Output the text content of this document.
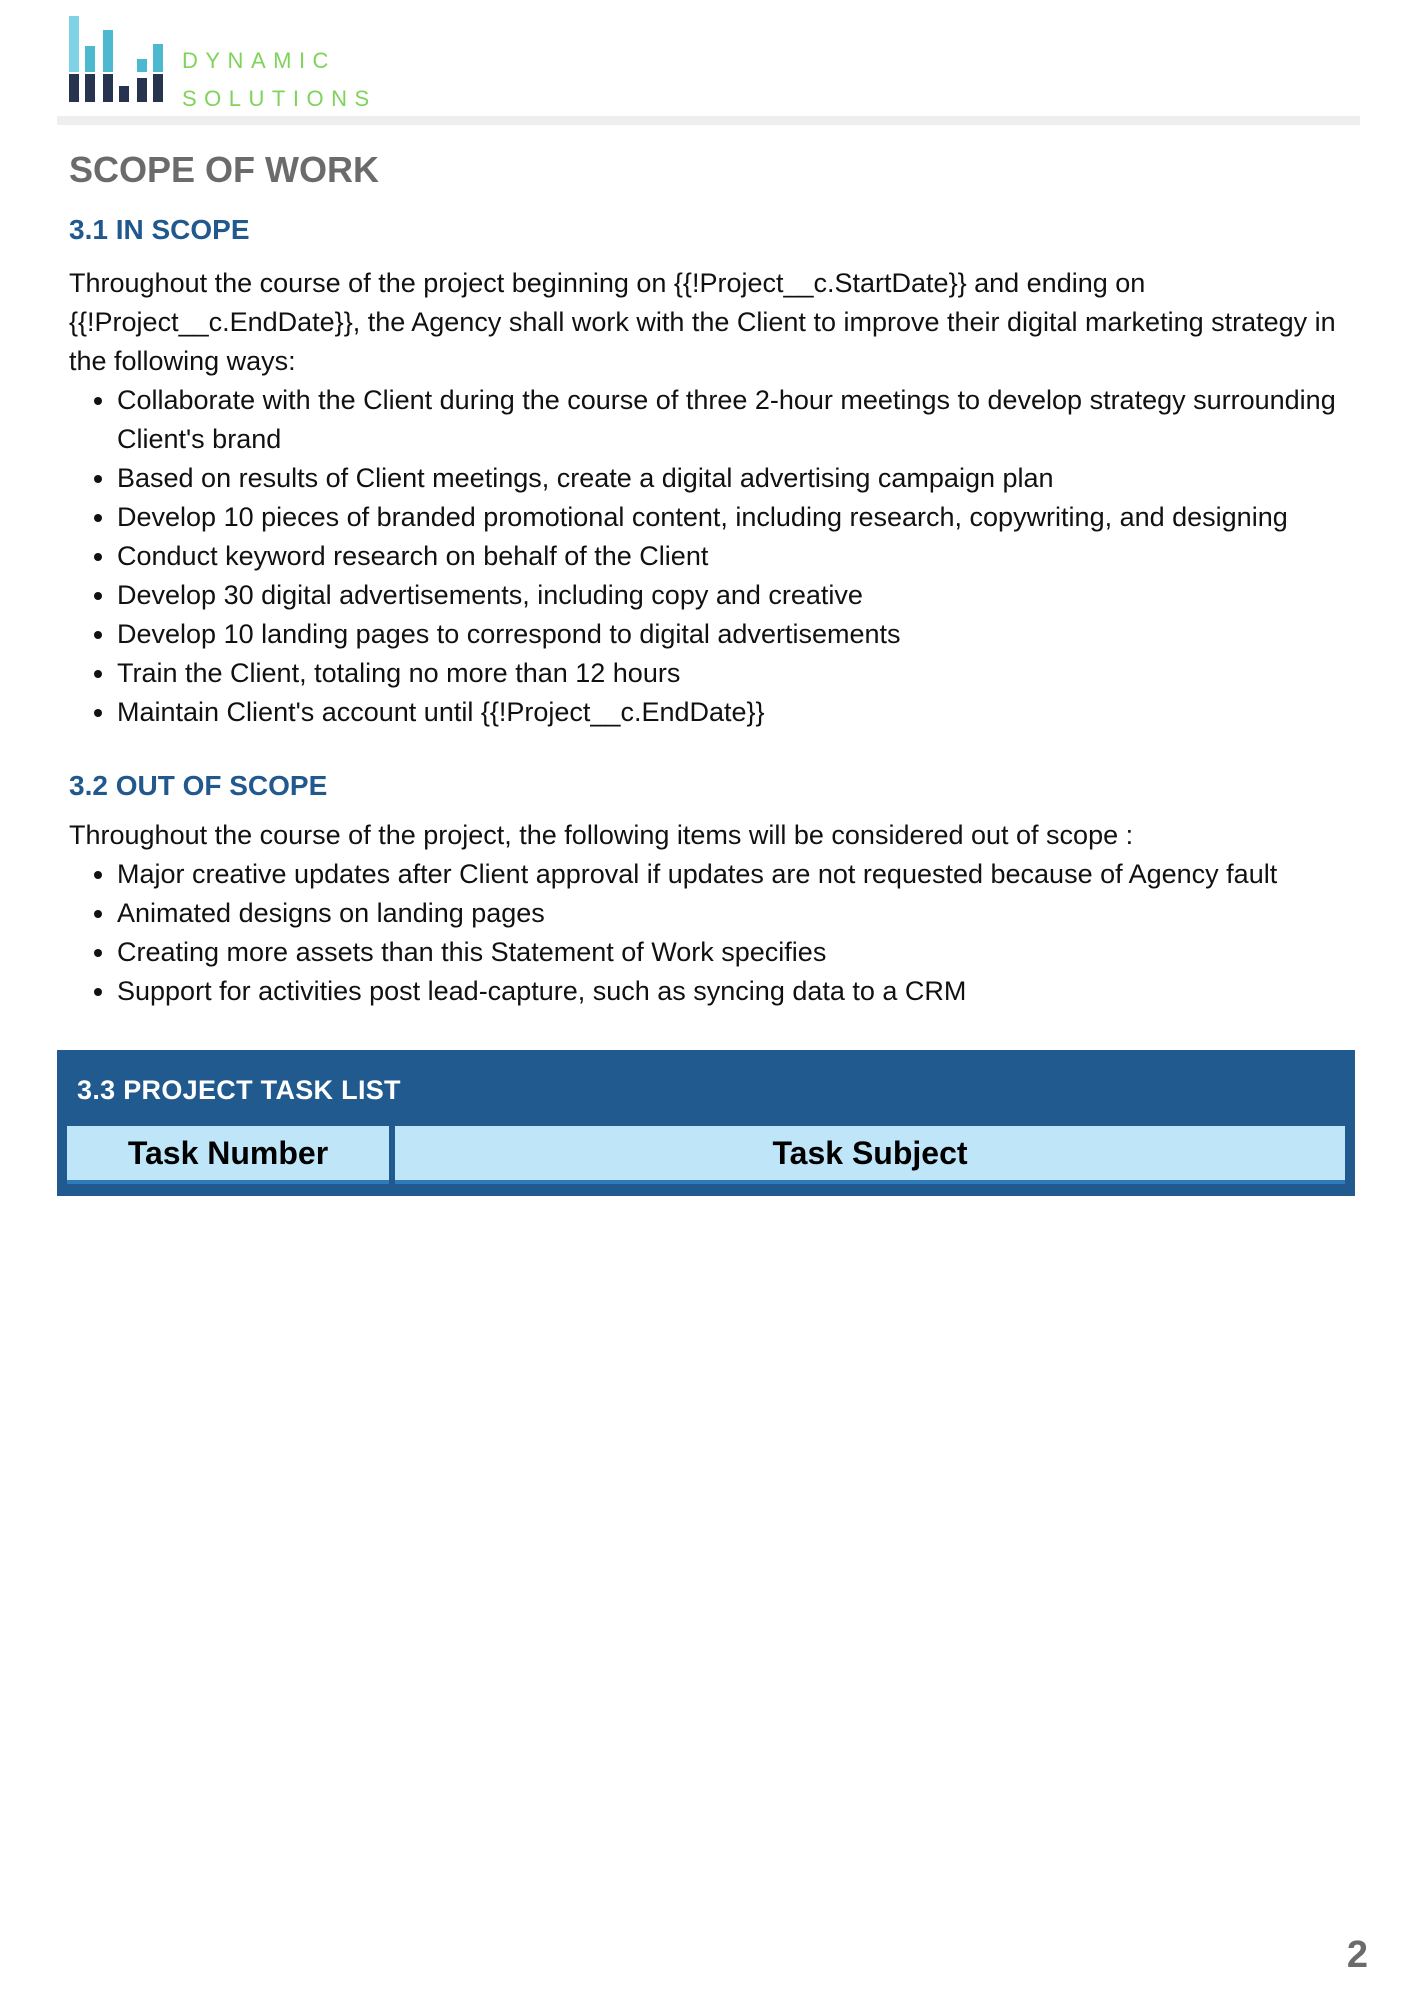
DYNAMIC
SOLUTIONS
SCOPE OF WORK
3.1 IN SCOPE

Throughout the course of the project beginning on {{!Project__c.StartDate}} and ending on {{!Project__c.EndDate}}, the Agency shall work with the Client to improve their digital marketing strategy in the following ways:

• Collaborate with the Client during the course of three 2-hour meetings to develop strategy surrounding Client's brand
• Based on results of Client meetings, create a digital advertising campaign plan
• Develop 10 pieces of branded promotional content, including research, copywriting, and designing
• Conduct keyword research on behalf of the Client
• Develop 30 digital advertisements, including copy and creative
• Develop 10 landing pages to correspond to digital advertisements
• Train the Client, totaling no more than 12 hours
• Maintain Client's account until {{!Project__c.EndDate}}
3.2 OUT OF SCOPE

Throughout the course of the project, the following items will be considered out of scope :

• Major creative updates after Client approval if updates are not requested because of Agency fault
• Animated designs on landing pages
• Creating more assets than this Statement of Work specifies
• Support for activities post lead-capture, such as syncing data to a CRM
3.3 PROJECT TASK LIST
Task Number	Task Subject
2
